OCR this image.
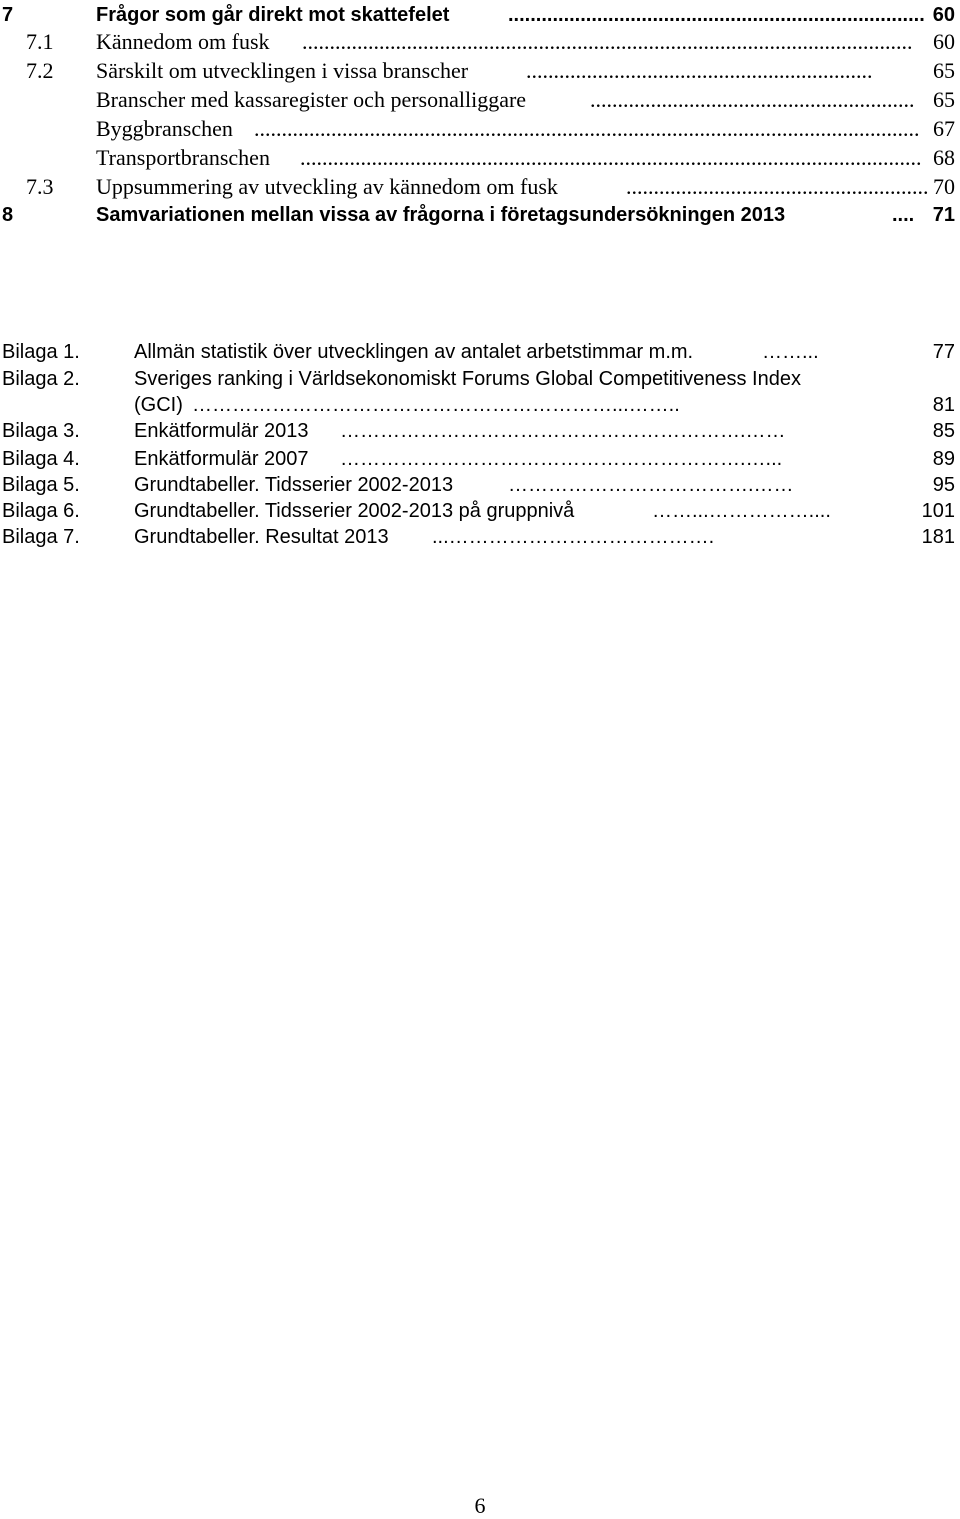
7	Frågor som går direkt mot skattefelet	........................................................................... 60
7.1 Kännedom om fusk ............................................................................................................... 60
7.2 Särskilt om utvecklingen i vissa branscher	...............................................................	65
Branscher med kassaregister och personalliggare	........................................................... 65
Byggbranschen ......................................................................................................................... 67
Transportbranschen ................................................................................................................. 68
7.3 Uppsummering av utveckling av kännedom om fusk	....................................................... 70
8	Samvariationen mellan vissa av frågorna i företagsundersökningen 2013	.... 71
Bilaga 1.	Allmän statistik över utvecklingen av antalet arbetstimmar m.m.	……...	77
Bilaga 2.	Sveriges ranking i Världsekonomiskt Forums Global Competitiveness Index
(GCI) ………………………………………………………...……..	81
Bilaga 3.	Enkätformulär 2013 …………………………………………………….……	85
Bilaga 4.	Enkätformulär 2007 …………………………………………………….…...	89
Bilaga 5.	Grundtabeller. Tidsserier 2002-2013	……………………………….……	95
Bilaga 6.	Grundtabeller. Tidsserier 2002-2013 på gruppnivå	……...……………....	101
Bilaga 7.	Grundtabeller. Resultat 2013 ...………………………………….	181
6
